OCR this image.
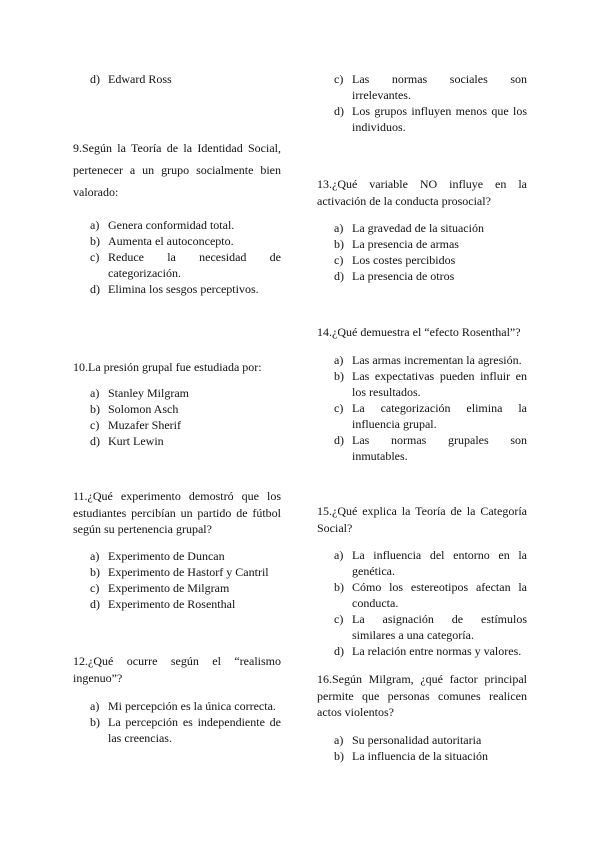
d) Edward Ross
9.Según la Teoría de la Identidad Social, pertenecer a un grupo socialmente bien valorado:
a) Genera conformidad total.
b) Aumenta el autoconcepto.
c) Reduce la necesidad de categorización.
d) Elimina los sesgos perceptivos.
10.La presión grupal fue estudiada por:
a) Stanley Milgram
b) Solomon Asch
c) Muzafer Sherif
d) Kurt Lewin
11.¿Qué experimento demostró que los estudiantes percibían un partido de fútbol según su pertenencia grupal?
a) Experimento de Duncan
b) Experimento de Hastorf y Cantril
c) Experimento de Milgram
d) Experimento de Rosenthal
12.¿Qué ocurre según el “realismo ingenuo”?
a) Mi percepción es la única correcta.
b) La percepción es independiente de las creencias.
c) Las normas sociales son irrelevantes.
d) Los grupos influyen menos que los individuos.
13.¿Qué variable NO influye en la activación de la conducta prosocial?
a) La gravedad de la situación
b) La presencia de armas
c) Los costes percibidos
d) La presencia de otros
14.¿Qué demuestra el “efecto Rosenthal”?
a) Las armas incrementan la agresión.
b) Las expectativas pueden influir en los resultados.
c) La categorización elimina la influencia grupal.
d) Las normas grupales son inmutables.
15.¿Qué explica la Teoría de la Categoría Social?
a) La influencia del entorno en la genética.
b) Cómo los estereotipos afectan la conducta.
c) La asignación de estímulos similares a una categoría.
d) La relación entre normas y valores.
16.Según Milgram, ¿qué factor principal permite que personas comunes realicen actos violentos?
a) Su personalidad autoritaria
b) La influencia de la situación
